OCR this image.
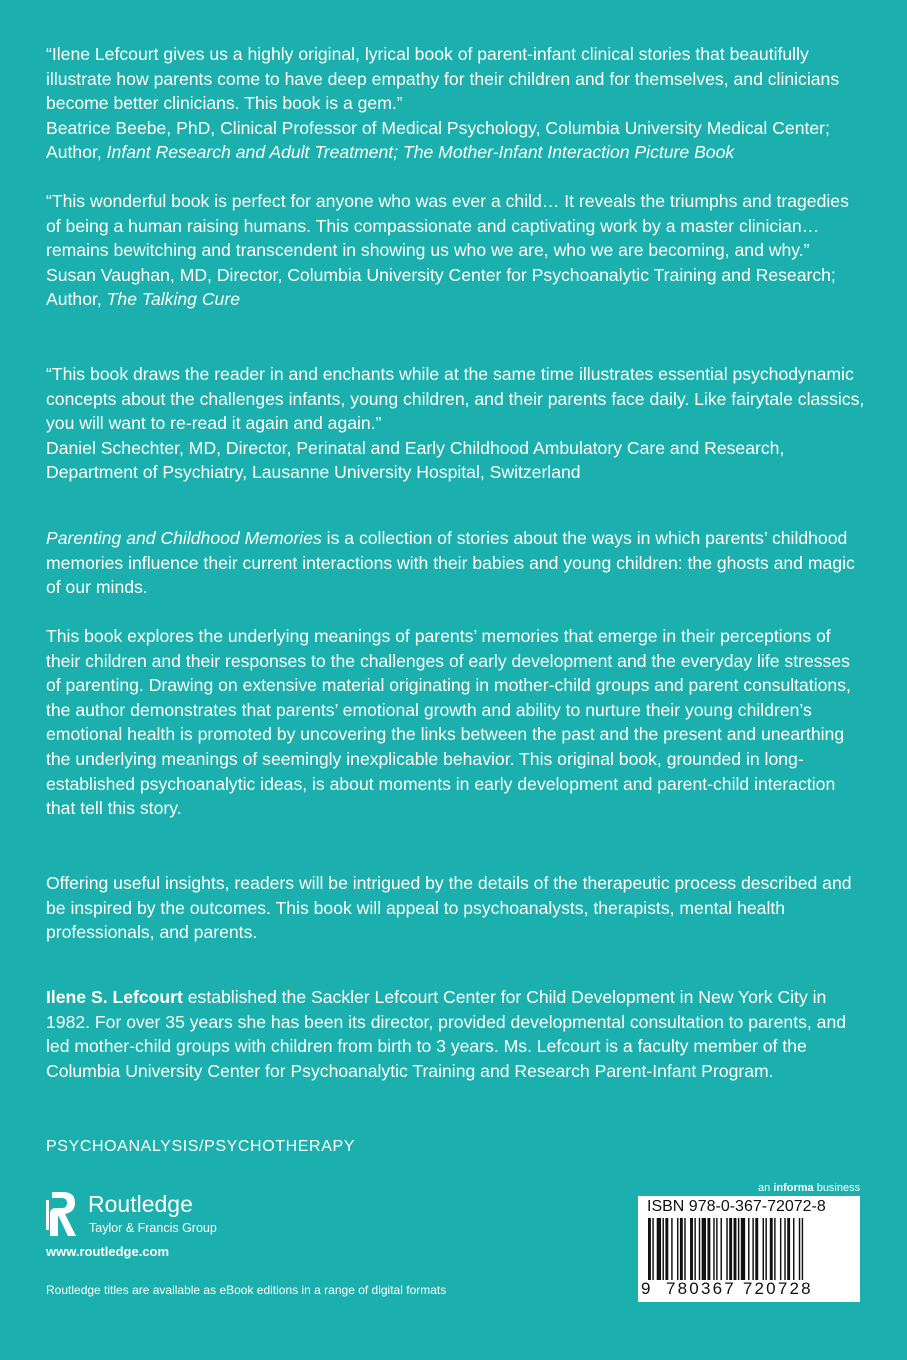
“Ilene Lefcourt gives us a highly original, lyrical book of parent-infant clinical stories that beautifully illustrate how parents come to have deep empathy for their children and for themselves, and clinicians become better clinicians. This book is a gem.”

Beatrice Beebe, PhD, Clinical Professor of Medical Psychology, Columbia University Medical Center; Author, Infant Research and Adult Treatment; The Mother-Infant Interaction Picture Book

“This wonderful book is perfect for anyone who was ever a child… It reveals the triumphs and tragedies of being a human raising humans. This compassionate and captivating work by a master clinician… remains bewitching and transcendent in showing us who we are, who we are becoming, and why.”

Susan Vaughan, MD, Director, Columbia University Center for Psychoanalytic Training and Research; Author, The Talking Cure

“This book draws the reader in and enchants while at the same time illustrates essential psychodynamic concepts about the challenges infants, young children, and their parents face daily. Like fairytale classics, you will want to re-read it again and again.”

Daniel Schechter, MD, Director, Perinatal and Early Childhood Ambulatory Care and Research, Department of Psychiatry, Lausanne University Hospital, Switzerland

Parenting and Childhood Memories is a collection of stories about the ways in which parents’ childhood memories influence their current interactions with their babies and young children: the ghosts and magic of our minds.

This book explores the underlying meanings of parents’ memories that emerge in their perceptions of their children and their responses to the challenges of early development and the everyday life stresses of parenting. Drawing on extensive material originating in mother-child groups and parent consultations, the author demonstrates that parents’ emotional growth and ability to nurture their young children’s emotional health is promoted by uncovering the links between the past and the present and unearthing the underlying meanings of seemingly inexplicable behavior. This original book, grounded in long-established psychoanalytic ideas, is about moments in early development and parent-child interaction that tell this story.

Offering useful insights, readers will be intrigued by the details of the therapeutic process described and be inspired by the outcomes. This book will appeal to psychoanalysts, therapists, mental health professionals, and parents.

Ilene S. Lefcourt established the Sackler Lefcourt Center for Child Development in New York City in 1982. For over 35 years she has been its director, provided developmental consultation to parents, and led mother-child groups with children from birth to 3 years. Ms. Lefcourt is a faculty member of the Columbia University Center for Psychoanalytic Training and Research Parent-Infant Program.

PSYCHOANALYSIS/PSYCHOTHERAPY
Routledge
Taylor & Francis Group
www.routledge.com
Routledge titles are available as eBook editions in a range of digital formats
an informa business
ISBN 978-0-367-72072-8
9 780367 720728
